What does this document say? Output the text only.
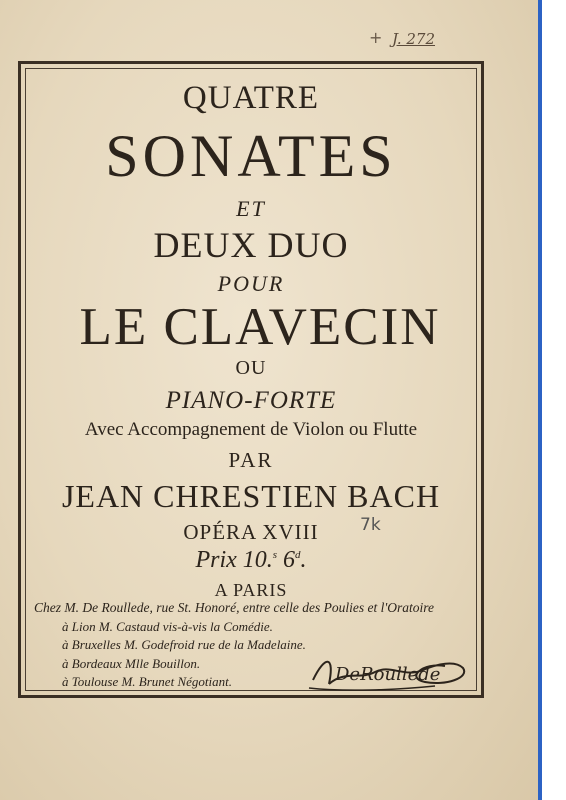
+ J. 272
QUATRE
SONATES
ET
DEUX DUO
POUR
LE CLAVECIN
OU
PIANO-FORTE
Avec Accompagnement de Violon ou Flutte
PAR
JEAN CHRESTIEN BACH
OPÉRA XVIII	7k
Prix 10.$^s$ 6$^d$.
A PARIS
Chez M. De Roullede, rue St. Honoré, entre celle des Poulies et l'Oratoire
à Lion M. Castaud vis-à-vis la Comédie.
à Bruxelles M. Godefroid rue de la Madelaine.
à Bordeaux Mlle Bouillon.
à Toulouse M. Brunet Négotiant.	DeRoullede
